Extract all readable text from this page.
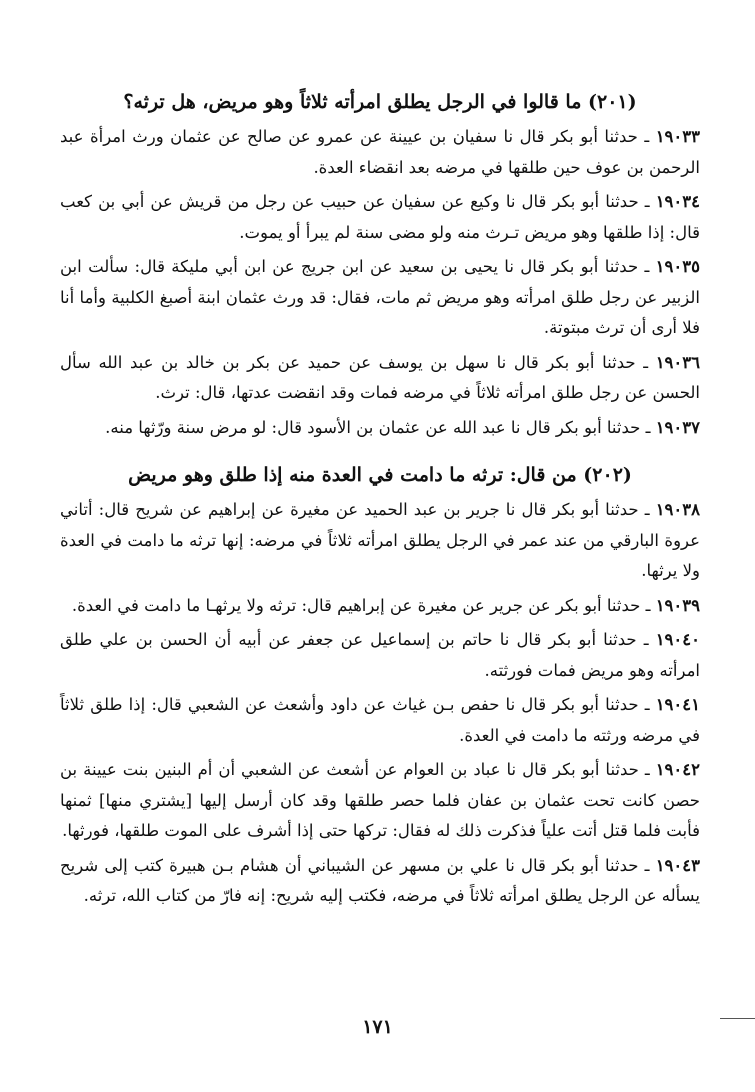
(٢٠١) ما قالوا في الرجل يطلق امرأته ثلاثاً وهو مريض، هل ترثه؟

١٩٠٣٣ ـ حدثنا أبو بكر قال نا سفيان بن عيينة عن عمرو عن صالح عن عثمان ورث امرأة عبد الرحمن بن عوف حين طلقها في مرضه بعد انقضاء العدة.

١٩٠٣٤ ـ حدثنا أبو بكر قال نا وكيع عن سفيان عن حبيب عن رجل من قريش عن أبي بن كعب قال: إذا طلقها وهو مريض تـرث منه ولو مضى سنة لم يبرأ أو يموت.

١٩٠٣٥ ـ حدثنا أبو بكر قال نا يحيى بن سعيد عن ابن جريج عن ابن أبي مليكة قال: سألت ابن الزبير عن رجل طلق امرأته وهو مريض ثم مات، فقال: قد ورث عثمان ابنة أصبغ الكلبية وأما أنا فلا أرى أن ترث مبتوتة.

١٩٠٣٦ ـ حدثنا أبو بكر قال نا سهل بن يوسف عن حميد عن بكر بن خالد بن عبد الله سأل الحسن عن رجل طلق امرأته ثلاثاً في مرضه فمات وقد انقضت عدتها، قال: ترث.

١٩٠٣٧ ـ حدثنا أبو بكر قال نا عبد الله عن عثمان بن الأسود قال: لو مرض سنة ورّثها منه.

(٢٠٢) من قال: ترثه ما دامت في العدة منه إذا طلق وهو مريض

١٩٠٣٨ ـ حدثنا أبو بكر قال نا جرير بن عبد الحميد عن مغيرة عن إبراهيم عن شريح قال: أتاني عروة البارقي من عند عمر في الرجل يطلق امرأته ثلاثاً في مرضه: إنها ترثه ما دامت في العدة ولا يرثها.

١٩٠٣٩ ـ حدثنا أبو بكر عن جرير عن مغيرة عن إبراهيم قال: ترثه ولا يرثهـا ما دامت في العدة.

١٩٠٤٠ ـ حدثنا أبو بكر قال نا حاتم بن إسماعيل عن جعفر عن أبيه أن الحسن بن علي طلق امرأته وهو مريض فمات فورثته.

١٩٠٤١ ـ حدثنا أبو بكر قال نا حفص بـن غياث عن داود وأشعث عن الشعبي قال: إذا طلق ثلاثاً في مرضه ورثته ما دامت في العدة.

١٩٠٤٢ ـ حدثنا أبو بكر قال نا عباد بن العوام عن أشعث عن الشعبي أن أم البنين بنت عيينة بن حصن كانت تحت عثمان بن عفان فلما حصر طلقها وقد كان أرسل إليها [يشتري منها] ثمنها فأبت فلما قتل أتت علياً فذكرت ذلك له فقال: تركها حتى إذا أشرف على الموت طلقها، فورثها.

١٩٠٤٣ ـ حدثنا أبو بكر قال نا علي بن مسهر عن الشيباني أن هشام بـن هبيرة كتب إلى شريح يسأله عن الرجل يطلق امرأته ثلاثاً في مرضه، فكتب إليه شريح: إنه فارّ من كتاب الله، ترثه.

١٧١
